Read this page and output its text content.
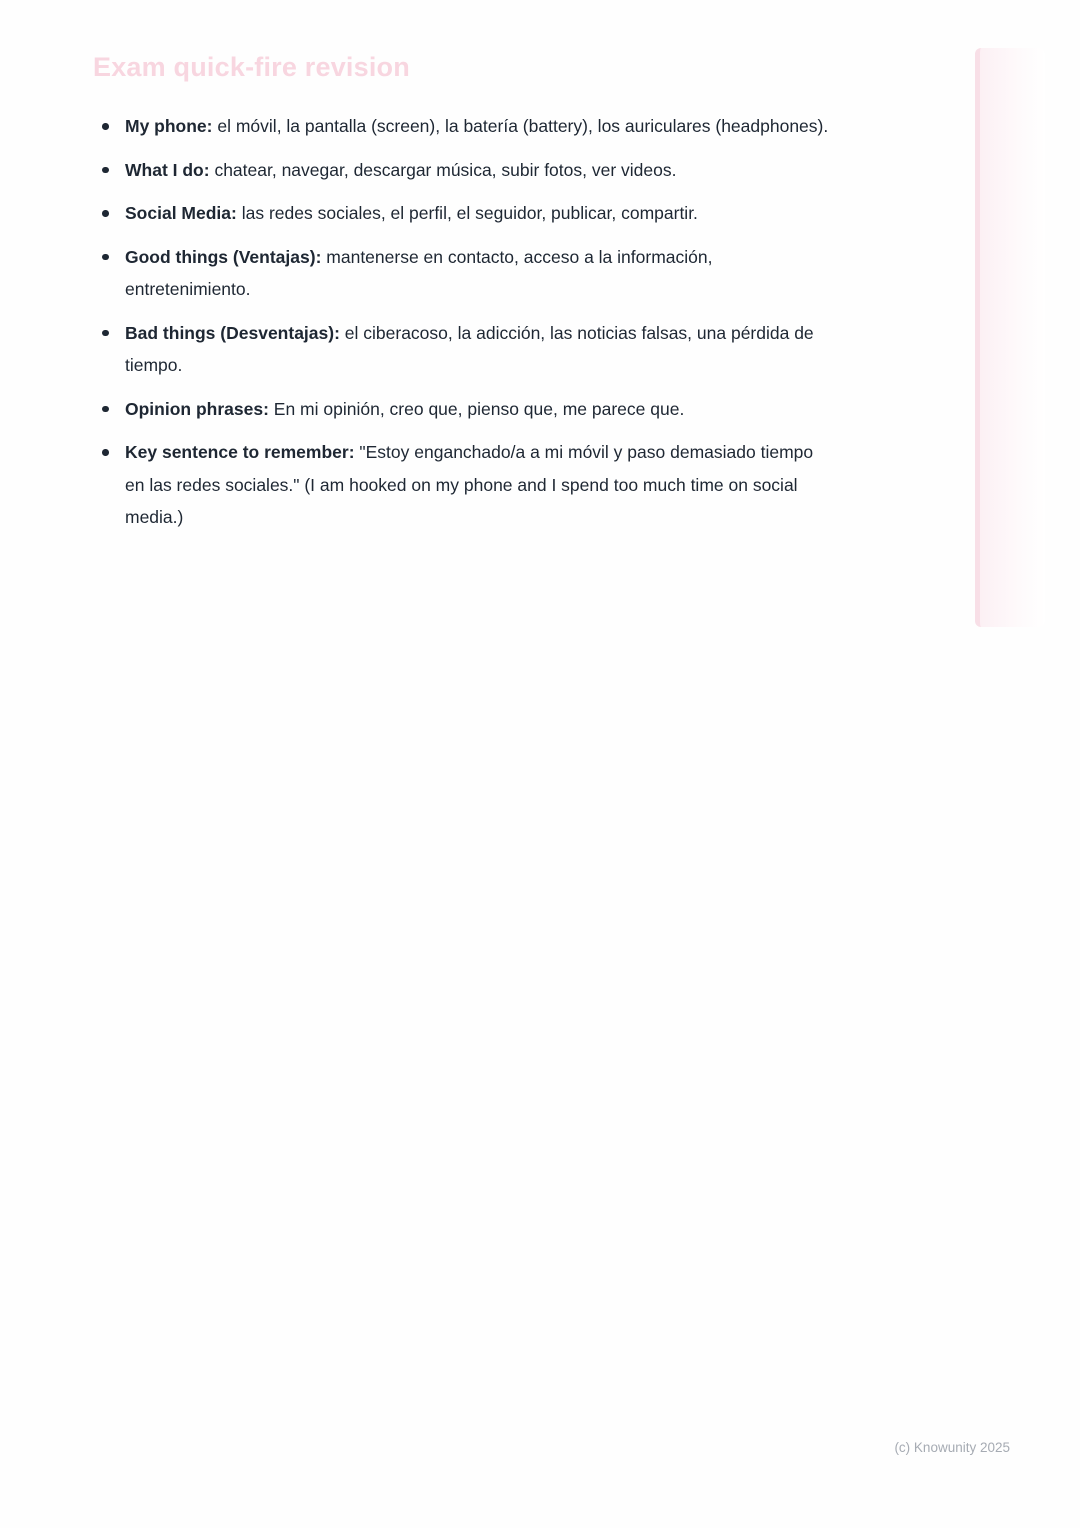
Exam quick-fire revision
My phone: el móvil, la pantalla (screen), la batería (battery), los auriculares (headphones).
What I do: chatear, navegar, descargar música, subir fotos, ver videos.
Social Media: las redes sociales, el perfil, el seguidor, publicar, compartir.
Good things (Ventajas): mantenerse en contacto, acceso a la información, entretenimiento.
Bad things (Desventajas): el ciberacoso, la adicción, las noticias falsas, una pérdida de tiempo.
Opinion phrases: En mi opinión, creo que, pienso que, me parece que.
Key sentence to remember: "Estoy enganchado/a a mi móvil y paso demasiado tiempo en las redes sociales." (I am hooked on my phone and I spend too much time on social media.)
(c) Knowunity 2025
